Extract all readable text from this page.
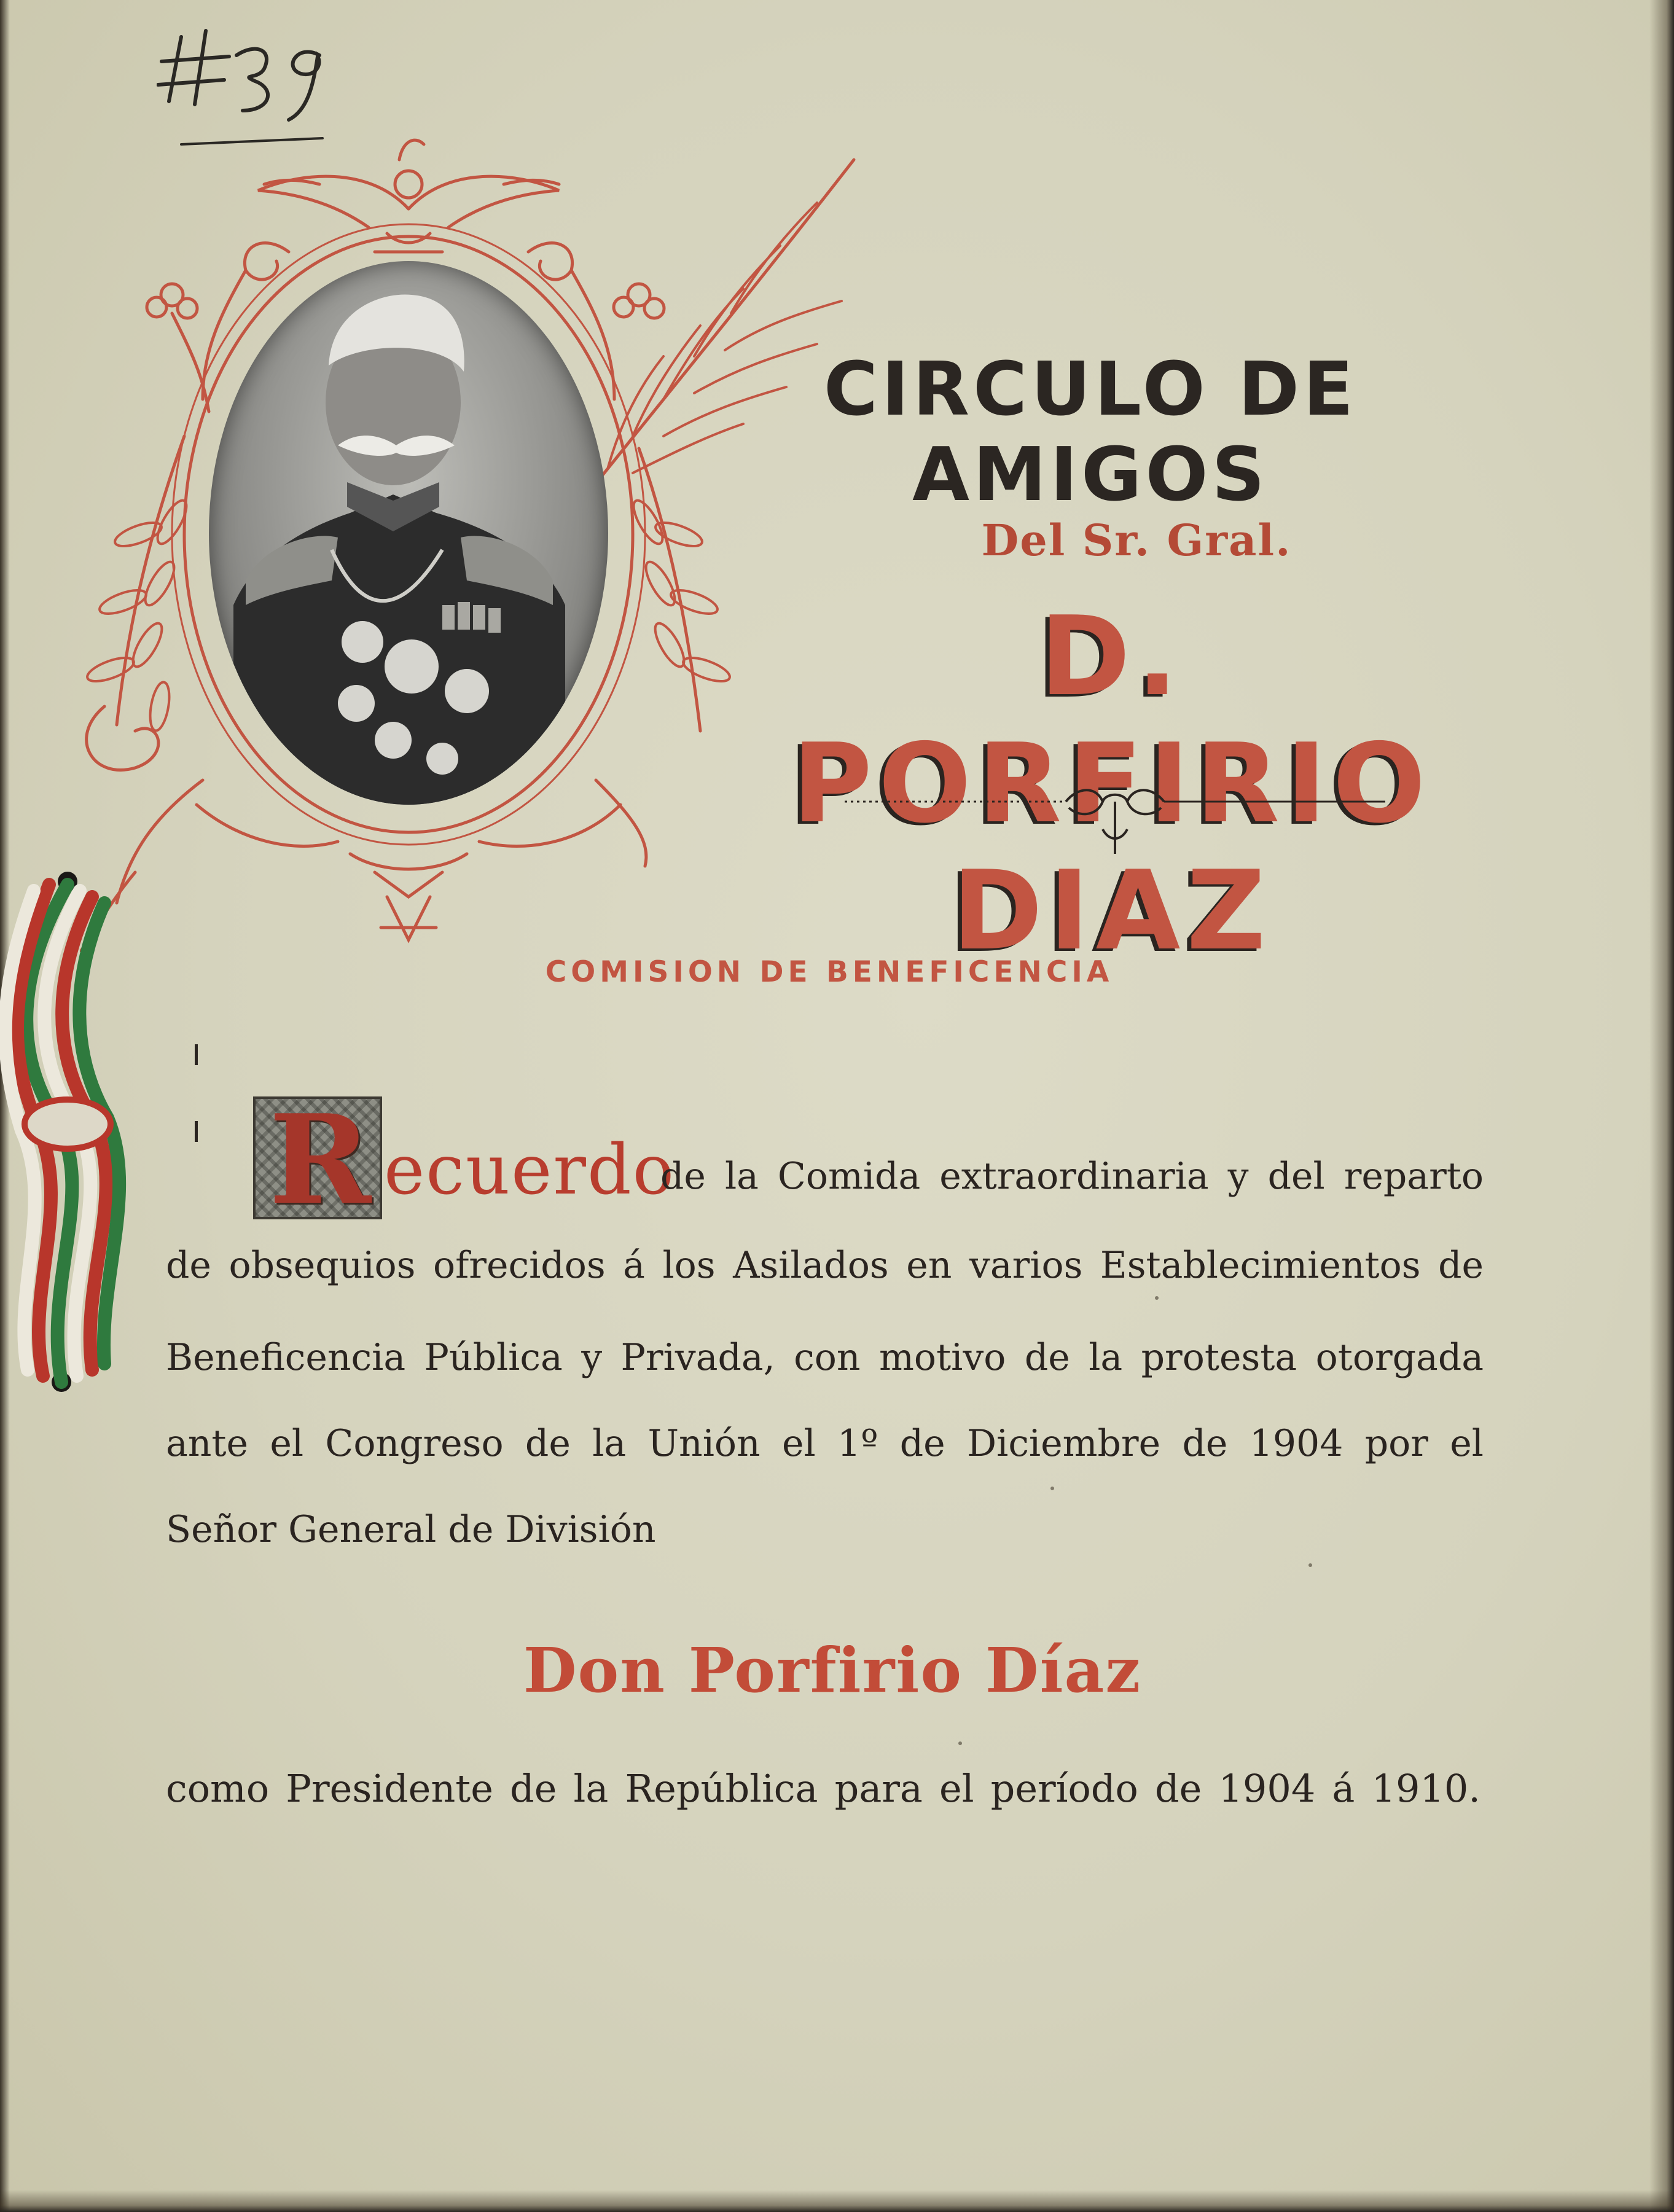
CIRCULO DE AMIGOS
Del Sr. Gral.
D. PORFIRIO DIAZ
COMISION DE BENEFICENCIA
R ecuerdo
de la Comida extraordinaria y del reparto
de obsequios ofrecidos á los Asilados en varios Establecimientos de
Beneficencia Pública y Privada, con motivo de la protesta otorgada
ante el Congreso de la Unión el 1º de Diciembre de 1904 por el
Señor General de División
Don Porfirio Díaz
como Presidente de la República para el período de 1904 á 1910.
